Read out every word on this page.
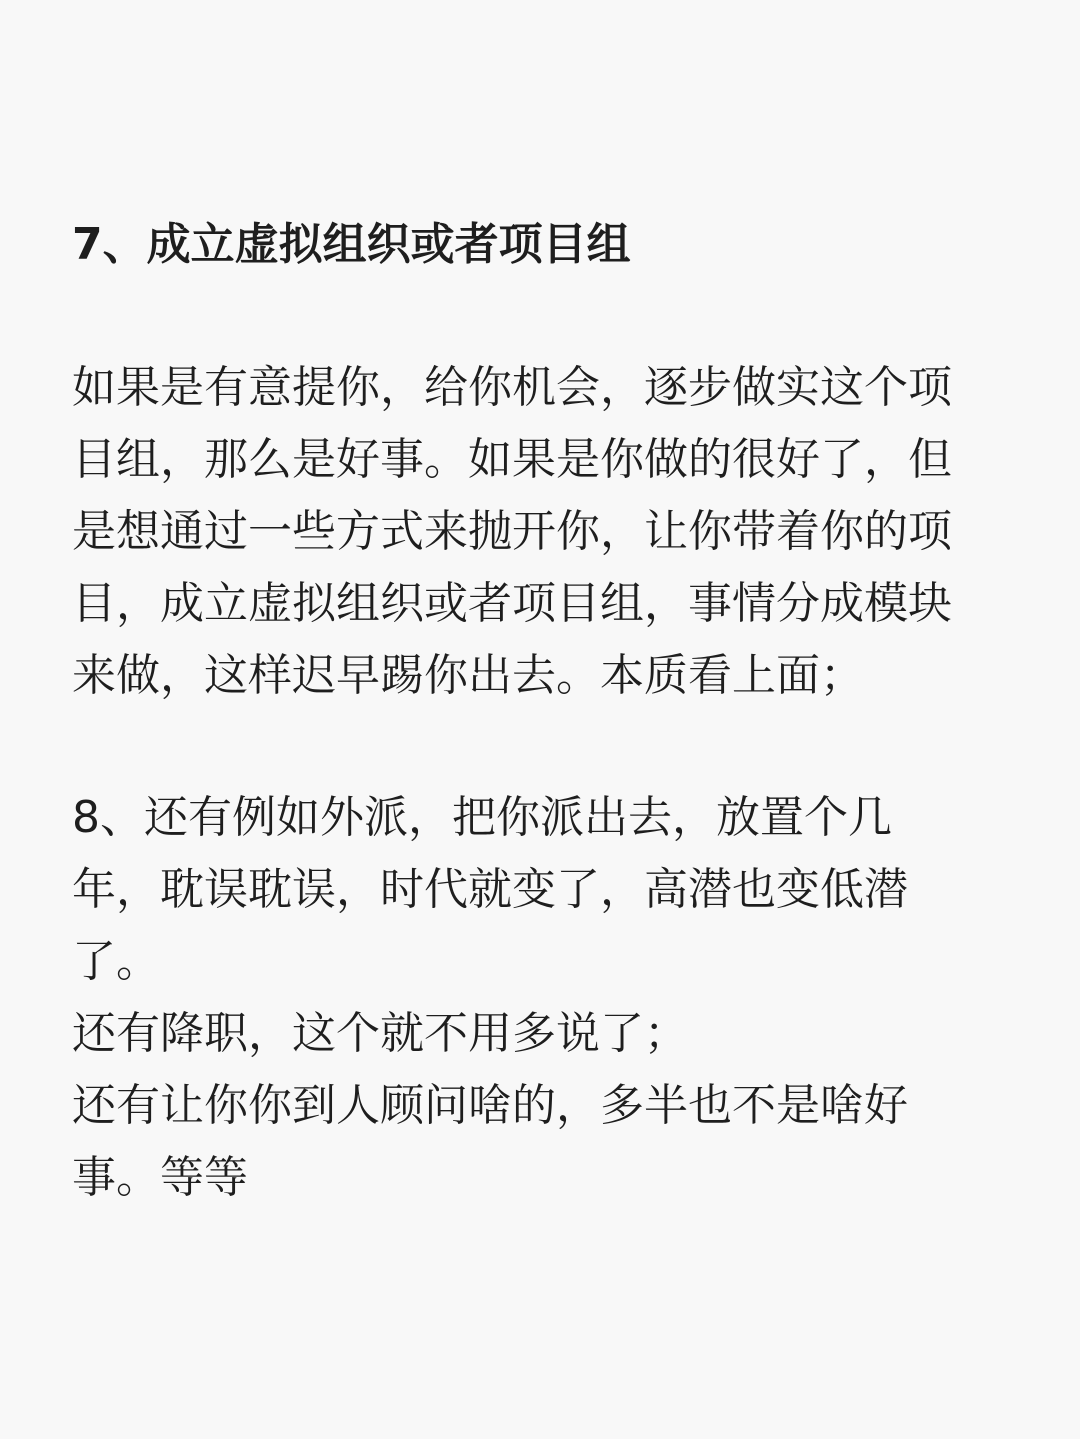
7、成立虚拟组织或者项目组

如果是有意提你，给你机会，逐步做实这个项
目组，那么是好事。如果是你做的很好了，但
是想通过一些方式来抛开你，让你带着你的项
目，成立虚拟组织或者项目组，事情分成模块
来做，这样迟早踢你出去。本质看上面；

8、还有例如外派，把你派出去，放置个几
年，耽误耽误，时代就变了，高潜也变低潜
了。
还有降职，这个就不用多说了；
还有让你你到人顾问啥的，多半也不是啥好
事。等等
